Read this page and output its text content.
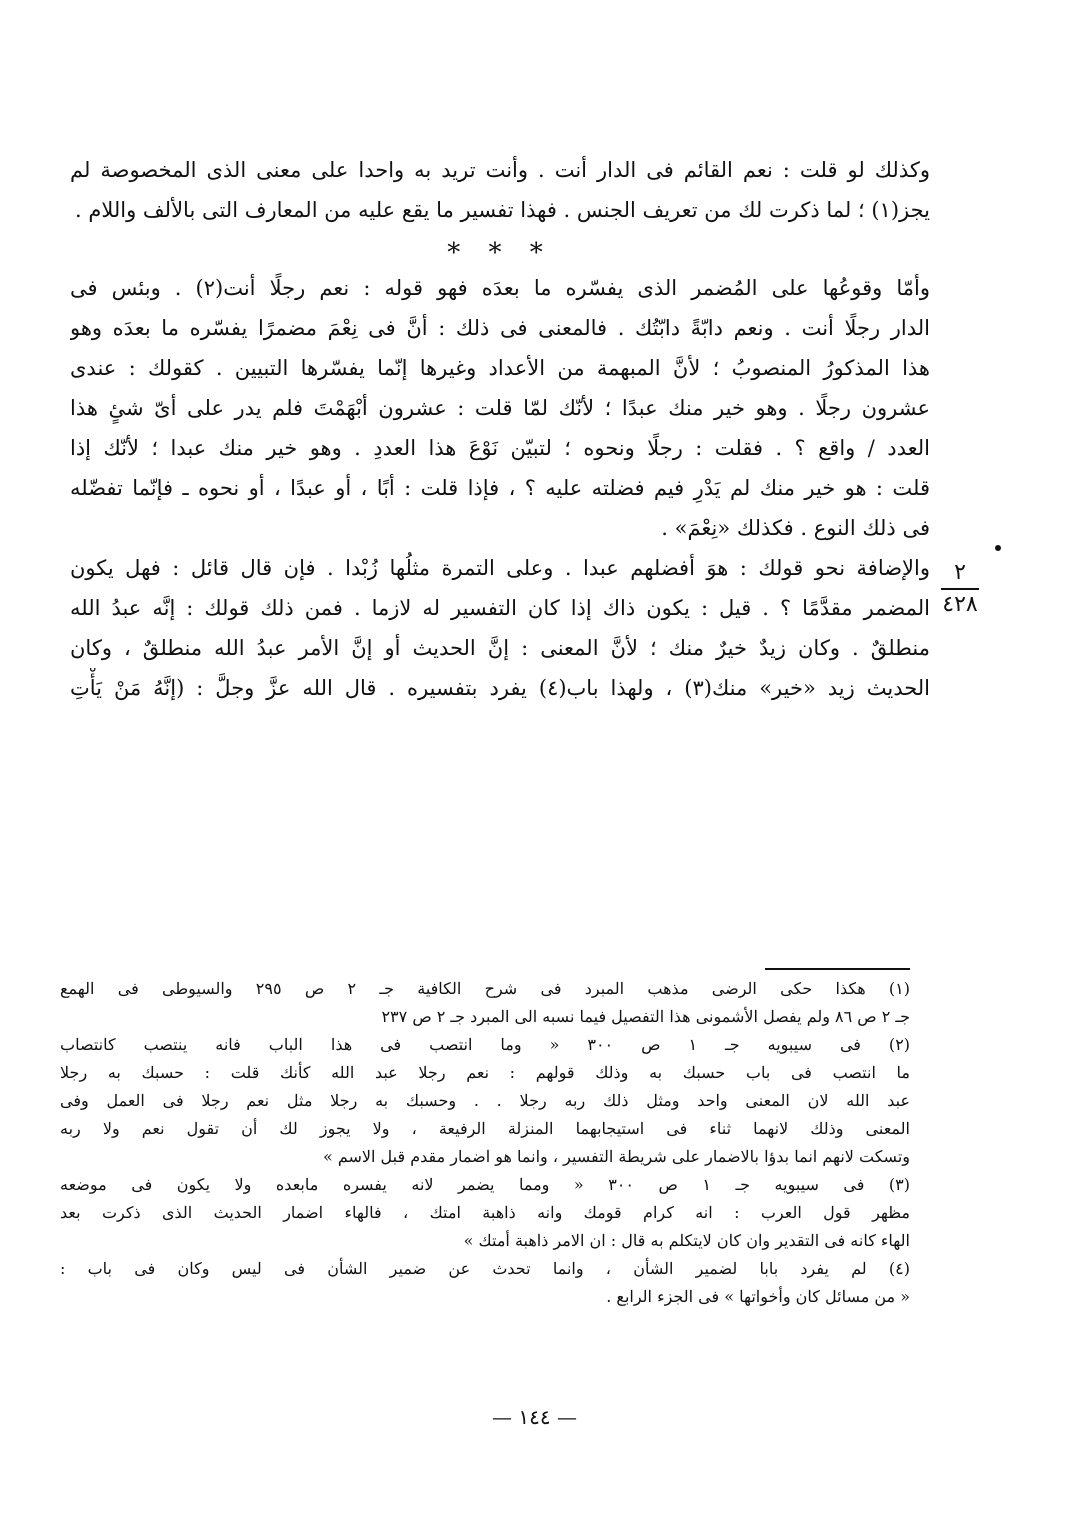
وكذلك لو قلت : نعم القائم فى الدار أنت . وأنت تريد به واحدا على معنى الذى المخصوصة لم
يجز(١) ؛ لما ذكرت لك من تعريف الجنس . فهذا تفسير ما يقع عليه من المعارف التى بالألف واللام .
* * *
وأمّا وقوعُها على المُضمر الذى يفسّره ما بعدَه فهو قوله : نعم رجلًا أنت(٢) . وبئس فى
الدار رجلًا أنت . ونعم دابّةً دابّتُك . فالمعنى فى ذلك : أنَّ فى نِعْمَ مضمرًا يفسّره ما بعدَه وهو
هذا المذكورُ المنصوبُ ؛ لأنَّ المبهمة من الأعداد وغيرها إنّما يفسّرها التبيين . كقولك : عندى
عشرون رجلًا . وهو خير منك عبدًا ؛ لأنّك لمّا قلت : عشرون أبْهَمْتَ فلم يدر على أىّ شئٍ هذا
العدد / واقع ؟ . فقلت : رجلًا ونحوه ؛ لتبيّن نَوْعَ هذا العددِ . وهو خير منك عبدا ؛ لأنّك إذا
قلت : هو خير منك لم يَدْرِ فيم فضلته عليه ؟ ، فإذا قلت : أبًا ، أو عبدًا ، أو نحوه ـ فإنّما تفضّله
فى ذلك النوع . فكذلك «نِعْمَ» .
والإضافة نحو قولك : هوَ أفضلهم عبدا . وعلى التمرة مثلُها زُبْدا . فإن قال قائل : فهل يكون
المضمر مقدَّمًا ؟ . قيل : يكون ذاك إذا كان التفسير له لازما . فمن ذلك قولك : إنَّه عبدُ الله
منطلقٌ . وكان زيدٌ خيرٌ منك ؛ لأنَّ المعنى : إنَّ الحديث أو إنَّ الأمر عبدُ الله منطلقٌ ، وكان
الحديث زيد «خير» منك(٣) ، ولهذا باب(٤) يفرد بتفسيره . قال الله عزَّ وجلَّ : (إنَّهُ مَنْ يَأْتِ
٢
٤٢٨
(١) هكذا حكى الرضى مذهب المبرد فى شرح الكافية جـ ٢ ص ٢٩٥ والسيوطى فى الهمع
جـ ٢ ص ٨٦ ولم يفصل الأشمونى هذا التفصيل فيما نسبه الى المبرد جـ ٢ ص ٢٣٧
(٢) فى سيبويه جـ ١ ص ٣٠٠ « وما انتصب فى هذا الباب فانه ينتصب كانتصاب
ما انتصب فى باب حسبك به وذلك قولهم : نعم رجلا عبد الله كأنك قلت : حسبك به رجلا
عبد الله لان المعنى واحد ومثل ذلك ربه رجلا . . وحسبك به رجلا مثل نعم رجلا فى العمل وفى
المعنى وذلك لانهما ثناء فى استيجابهما المنزلة الرفيعة ، ولا يجوز لك أن تقول نعم ولا ربه
وتسكت لانهم انما بدؤا بالاضمار على شريطة التفسير ، وانما هو اضمار مقدم قبل الاسم »
(٣) فى سيبويه جـ ١ ص ٣٠٠ « ومما يضمر لانه يفسره مابعده ولا يكون فى موضعه
مظهر قول العرب : انه كرام قومك وانه ذاهبة امتك ، فالهاء اضمار الحديث الذى ذكرت بعد
الهاء كانه فى التقدير وان كان لايتكلم به قال : ان الامر ذاهبة أمتك »
(٤) لم يفرد بابا لضمير الشأن ، وانما تحدث عن ضمير الشأن فى ليس وكان فى باب :
« من مسائل كان وأخواتها » فى الجزء الرابع .
— ١٤٤ —
